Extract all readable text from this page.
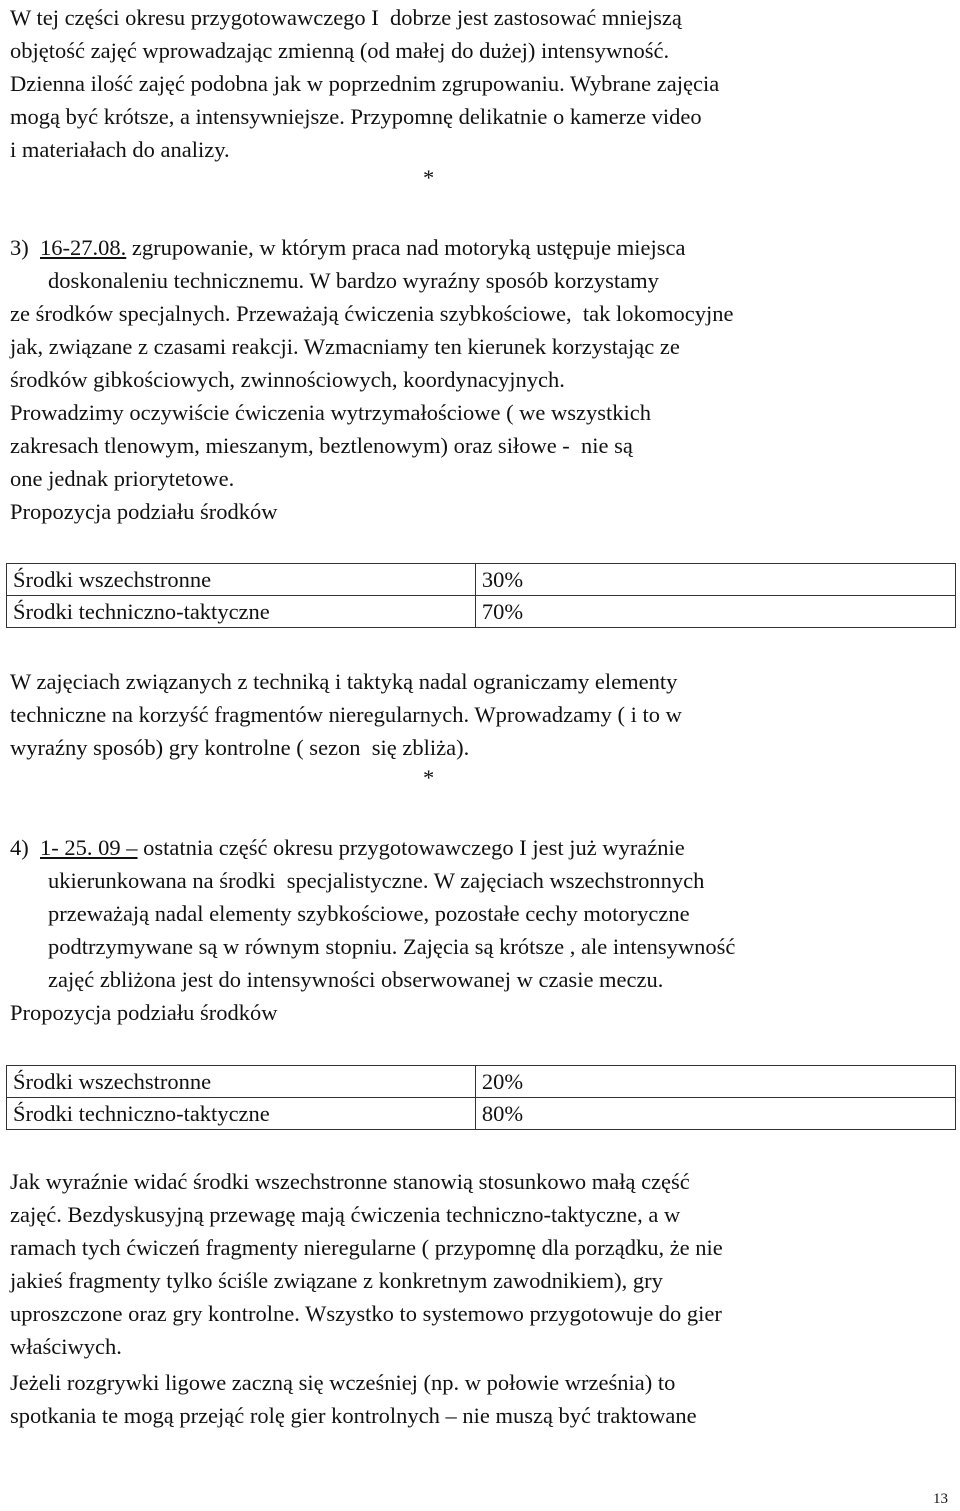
W tej części okresu przygotowawczego I  dobrze jest zastosować mniejszą
objętość zajęć wprowadzając zmienną (od małej do dużej) intensywność.
Dzienna ilość zajęć podobna jak w poprzednim zgrupowaniu. Wybrane zajęcia
mogą być krótsze, a intensywniejsze. Przypomnę delikatnie o kamerze video
i materiałach do analizy.
*
3) 16-27.08. zgrupowanie, w którym praca nad motoryką ustępuje miejsca
doskonaleniu technicznemu. W bardzo wyraźny sposób korzystamy
ze środków specjalnych. Przeważają ćwiczenia szybkościowe,  tak lokomocyjne
jak, związane z czasami reakcji. Wzmacniamy ten kierunek korzystając ze
środków gibkościowych, zwinnościowych, koordynacyjnych.
Prowadzimy oczywiście ćwiczenia wytrzymałościowe ( we wszystkich
zakresach tlenowym, mieszanym, beztlenowym) oraz siłowe -  nie są
one jednak priorytetowe.
Propozycja podziału środków
Środki wszechstronne	30%
Środki techniczno-taktyczne	70%
W zajęciach związanych z techniką i taktyką nadal ograniczamy elementy
techniczne na korzyść fragmentów nieregularnych. Wprowadzamy ( i to w
wyraźny sposób) gry kontrolne ( sezon  się zbliża).
*
4) 1- 25. 09 – ostatnia część okresu przygotowawczego I jest już wyraźnie
ukierunkowana na środki  specjalistyczne. W zajęciach wszechstronnych
przeważają nadal elementy szybkościowe, pozostałe cechy motoryczne
podtrzymywane są w równym stopniu. Zajęcia są krótsze , ale intensywność
zajęć zbliżona jest do intensywności obserwowanej w czasie meczu.
Propozycja podziału środków
Środki wszechstronne	20%
Środki techniczno-taktyczne	80%
Jak wyraźnie widać środki wszechstronne stanowią stosunkowo małą część
zajęć. Bezdyskusyjną przewagę mają ćwiczenia techniczno-taktyczne, a w
ramach tych ćwiczeń fragmenty nieregularne ( przypomnę dla porządku, że nie
jakieś fragmenty tylko ściśle związane z konkretnym zawodnikiem), gry
uproszczone oraz gry kontrolne. Wszystko to systemowo przygotowuje do gier
właściwych.
Jeżeli rozgrywki ligowe zaczną się wcześniej (np. w połowie września) to
spotkania te mogą przejąć rolę gier kontrolnych – nie muszą być traktowane
13
